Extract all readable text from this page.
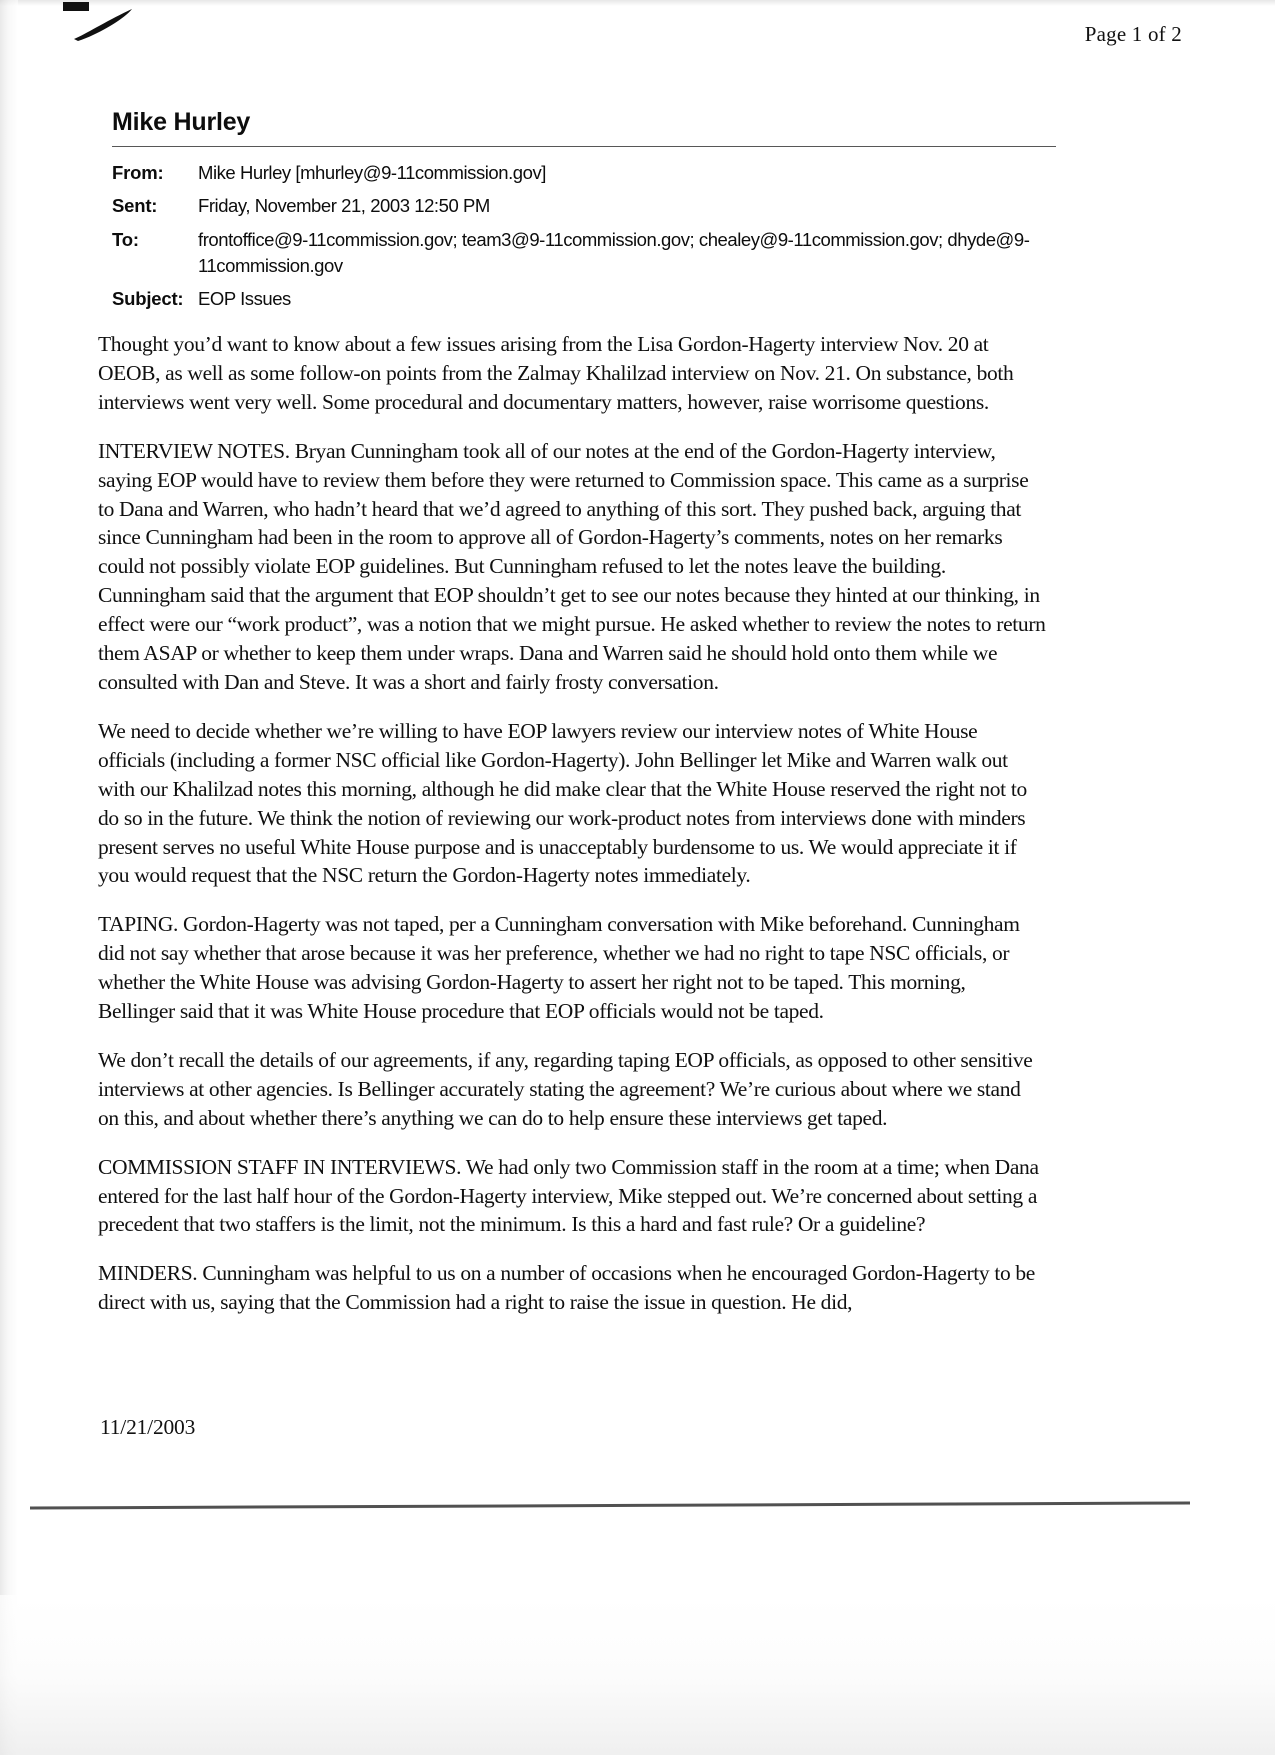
Page 1 of 2
Mike Hurley
From:	Mike Hurley [mhurley@9-11commission.gov]
Sent:	Friday, November 21, 2003 12:50 PM
To:	frontoffice@9-11commission.gov; team3@9-11commission.gov; chealey@9-11commission.gov; dhyde@9-11commission.gov
Subject: EOP Issues

Thought you’d want to know about a few issues arising from the Lisa Gordon-Hagerty interview Nov. 20 at OEOB, as well as some follow-on points from the Zalmay Khalilzad interview on Nov. 21. On substance, both interviews went very well. Some procedural and documentary matters, however, raise worrisome questions.

INTERVIEW NOTES. Bryan Cunningham took all of our notes at the end of the Gordon-Hagerty interview, saying EOP would have to review them before they were returned to Commission space. This came as a surprise to Dana and Warren, who hadn’t heard that we’d agreed to anything of this sort. They pushed back, arguing that since Cunningham had been in the room to approve all of Gordon-Hagerty’s comments, notes on her remarks could not possibly violate EOP guidelines. But Cunningham refused to let the notes leave the building. Cunningham said that the argument that EOP shouldn’t get to see our notes because they hinted at our thinking, in effect were our “work product”, was a notion that we might pursue. He asked whether to review the notes to return them ASAP or whether to keep them under wraps. Dana and Warren said he should hold onto them while we consulted with Dan and Steve. It was a short and fairly frosty conversation.

We need to decide whether we’re willing to have EOP lawyers review our interview notes of White House officials (including a former NSC official like Gordon-Hagerty). John Bellinger let Mike and Warren walk out with our Khalilzad notes this morning, although he did make clear that the White House reserved the right not to do so in the future. We think the notion of reviewing our work-product notes from interviews done with minders present serves no useful White House purpose and is unacceptably burdensome to us. We would appreciate it if you would request that the NSC return the Gordon-Hagerty notes immediately.

TAPING. Gordon-Hagerty was not taped, per a Cunningham conversation with Mike beforehand. Cunningham did not say whether that arose because it was her preference, whether we had no right to tape NSC officials, or whether the White House was advising Gordon-Hagerty to assert her right not to be taped. This morning, Bellinger said that it was White House procedure that EOP officials would not be taped.

We don’t recall the details of our agreements, if any, regarding taping EOP officials, as opposed to other sensitive interviews at other agencies. Is Bellinger accurately stating the agreement? We’re curious about where we stand on this, and about whether there’s anything we can do to help ensure these interviews get taped.

COMMISSION STAFF IN INTERVIEWS. We had only two Commission staff in the room at a time; when Dana entered for the last half hour of the Gordon-Hagerty interview, Mike stepped out. We’re concerned about setting a precedent that two staffers is the limit, not the minimum. Is this a hard and fast rule? Or a guideline?

MINDERS. Cunningham was helpful to us on a number of occasions when he encouraged Gordon-Hagerty to be direct with us, saying that the Commission had a right to raise the issue in question. He did,

11/21/2003
